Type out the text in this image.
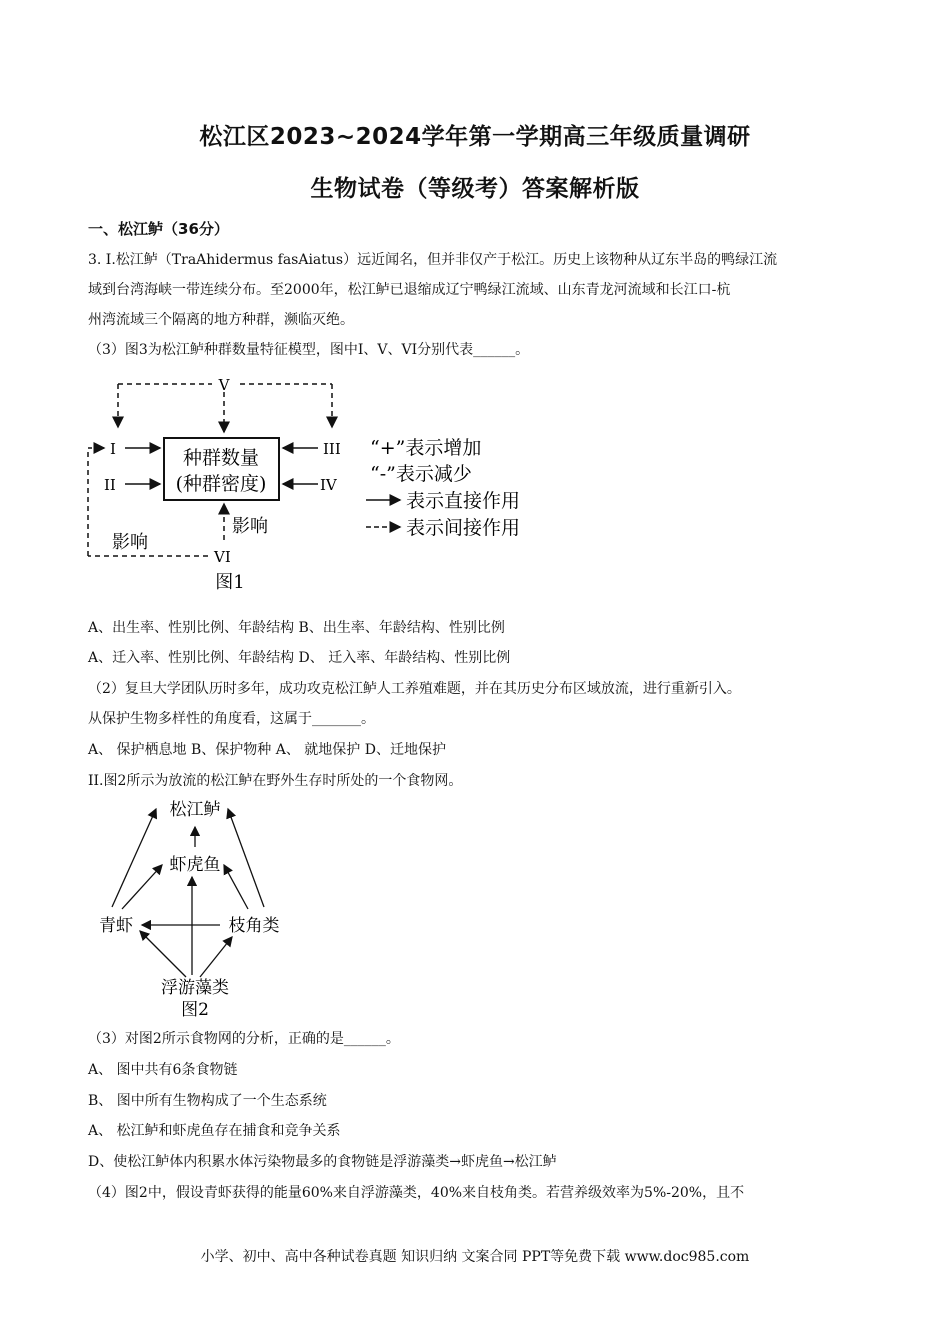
松江区2023~2024学年第一学期高三年级质量调研
生物试卷（等级考）答案解析版
一、松江鲈（36分）
3. I.松江鲈（TraAhidermus fasAiatus）远近闻名，但并非仅产于松江。历史上该物种从辽东半岛的鸭绿江流
域到台湾海峡一带连续分布。至2000年，松江鲈已退缩成辽宁鸭绿江流域、山东青龙河流域和长江口-杭
州湾流域三个隔离的地方种群，濒临灭绝。
（3）图3为松江鲈种群数量特征模型，图中I、V、VI分别代表______。
V
种群数量
(种群密度)
I
II
III
IV
影响
VI
影响
图1
“+”表示增加
“-”表示减少
表示直接作用
表示间接作用
A、出生率、性别比例、年龄结构 B、出生率、年龄结构、性别比例
A、迁入率、性别比例、年龄结构 D、 迁入率、年龄结构、性别比例
（2）复旦大学团队历时多年，成功攻克松江鲈人工养殖难题，并在其历史分布区域放流，进行重新引入。
从保护生物多样性的角度看，这属于_______。
A、 保护栖息地 B、保护物种 A、 就地保护 D、迁地保护
II.图2所示为放流的松江鲈在野外生存时所处的一个食物网。
松江鲈
虾虎鱼
青虾	枝角类
浮游藻类
图2
（3）对图2所示食物网的分析，正确的是______。
A、 图中共有6条食物链
B、 图中所有生物构成了一个生态系统
A、 松江鲈和虾虎鱼存在捕食和竞争关系
D、使松江鲈体内积累水体污染物最多的食物链是浮游藻类→虾虎鱼→松江鲈
（4）图2中，假设青虾获得的能量60%来自浮游藻类，40%来自枝角类。若营养级效率为5%-20%，且不
小学、初中、高中各种试卷真题 知识归纳 文案合同 PPT等免费下载 www.doc985.com
